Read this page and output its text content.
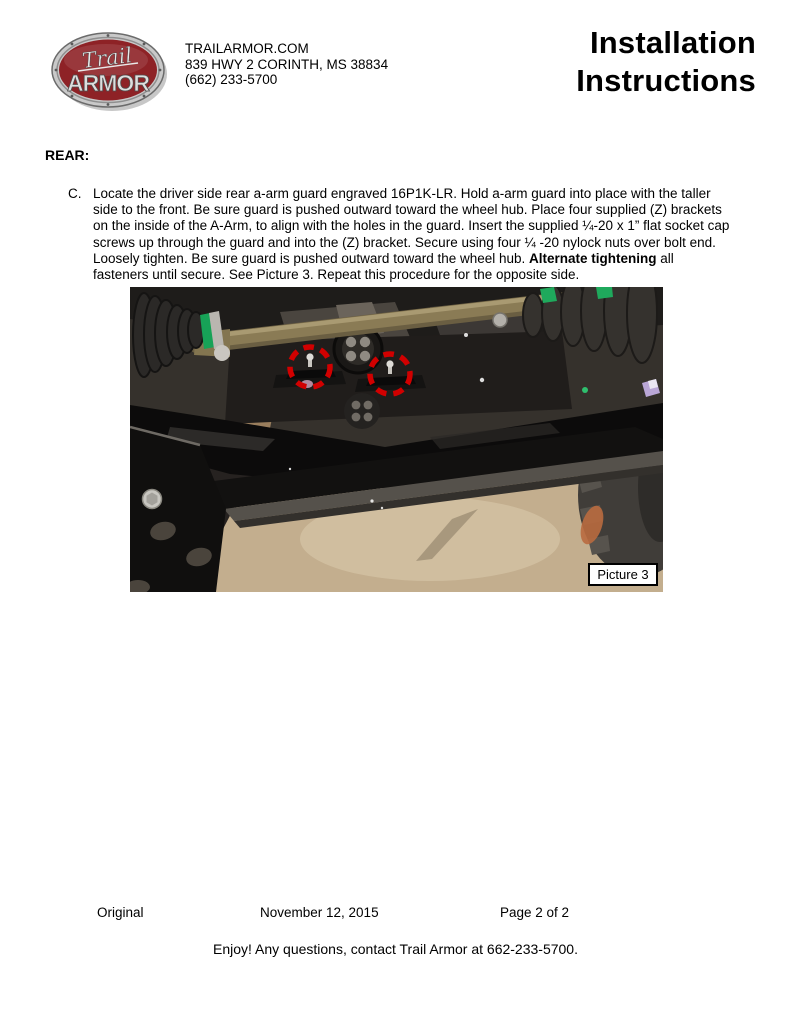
Trail
ARMOR
TRAILARMOR.COM
839 HWY 2 CORINTH, MS 38834
(662) 233-5700
Installation
Instructions
REAR:
C. Locate the driver side rear a-arm guard engraved 16P1K-LR. Hold a-arm guard into place with the taller side to the front. Be sure guard is pushed outward toward the wheel hub. Place four supplied (Z) brackets on the inside of the A-Arm, to align with the holes in the guard. Insert the supplied ¼-20 x 1” flat socket cap screws up through the guard and into the (Z) bracket. Secure using four ¼ -20 nylock nuts over bolt end. Loosely tighten. Be sure guard is pushed outward toward the wheel hub. Alternate tightening all fasteners until secure. See Picture 3. Repeat this procedure for the opposite side.
Picture 3
Original	November 12, 2015	Page 2 of 2
Enjoy! Any questions, contact Trail Armor at 662-233-5700.
